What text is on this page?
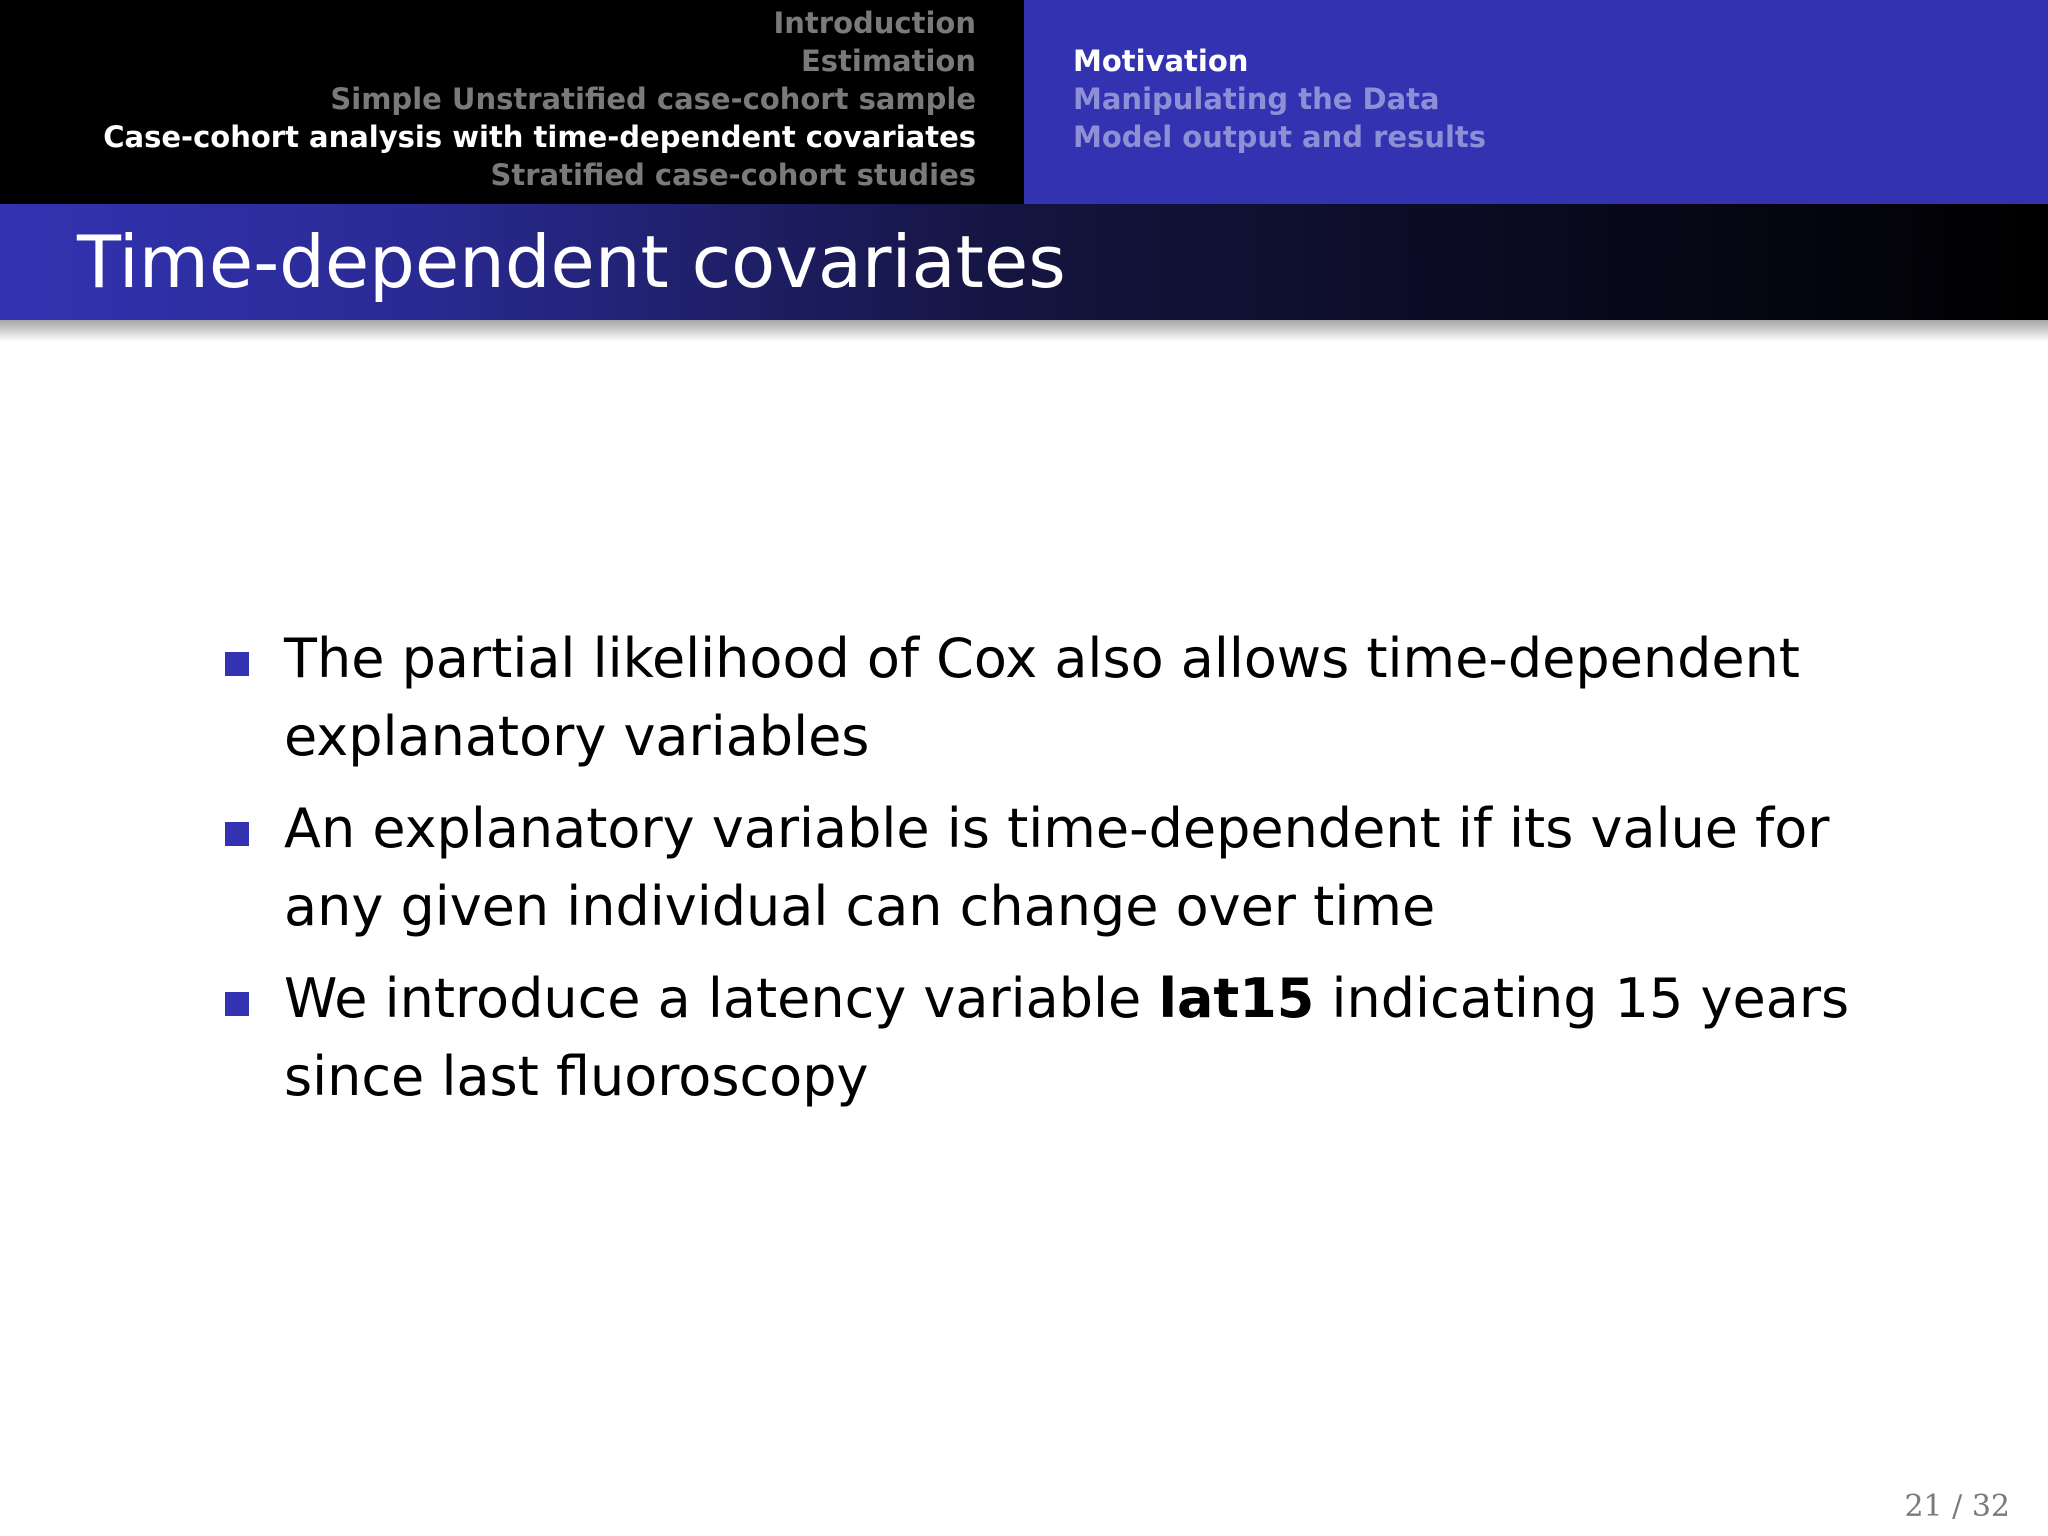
Introduction
Estimation
Simple Unstratified case-cohort sample
Case-cohort analysis with time-dependent covariates
Stratified case-cohort studies
Motivation
Manipulating the Data
Model output and results
Time-dependent covariates
The partial likelihood of Cox also allows time-dependent explanatory variables
An explanatory variable is time-dependent if its value for any given individual can change over time
We introduce a latency variable lat15 indicating 15 years since last fluoroscopy
21 / 32
